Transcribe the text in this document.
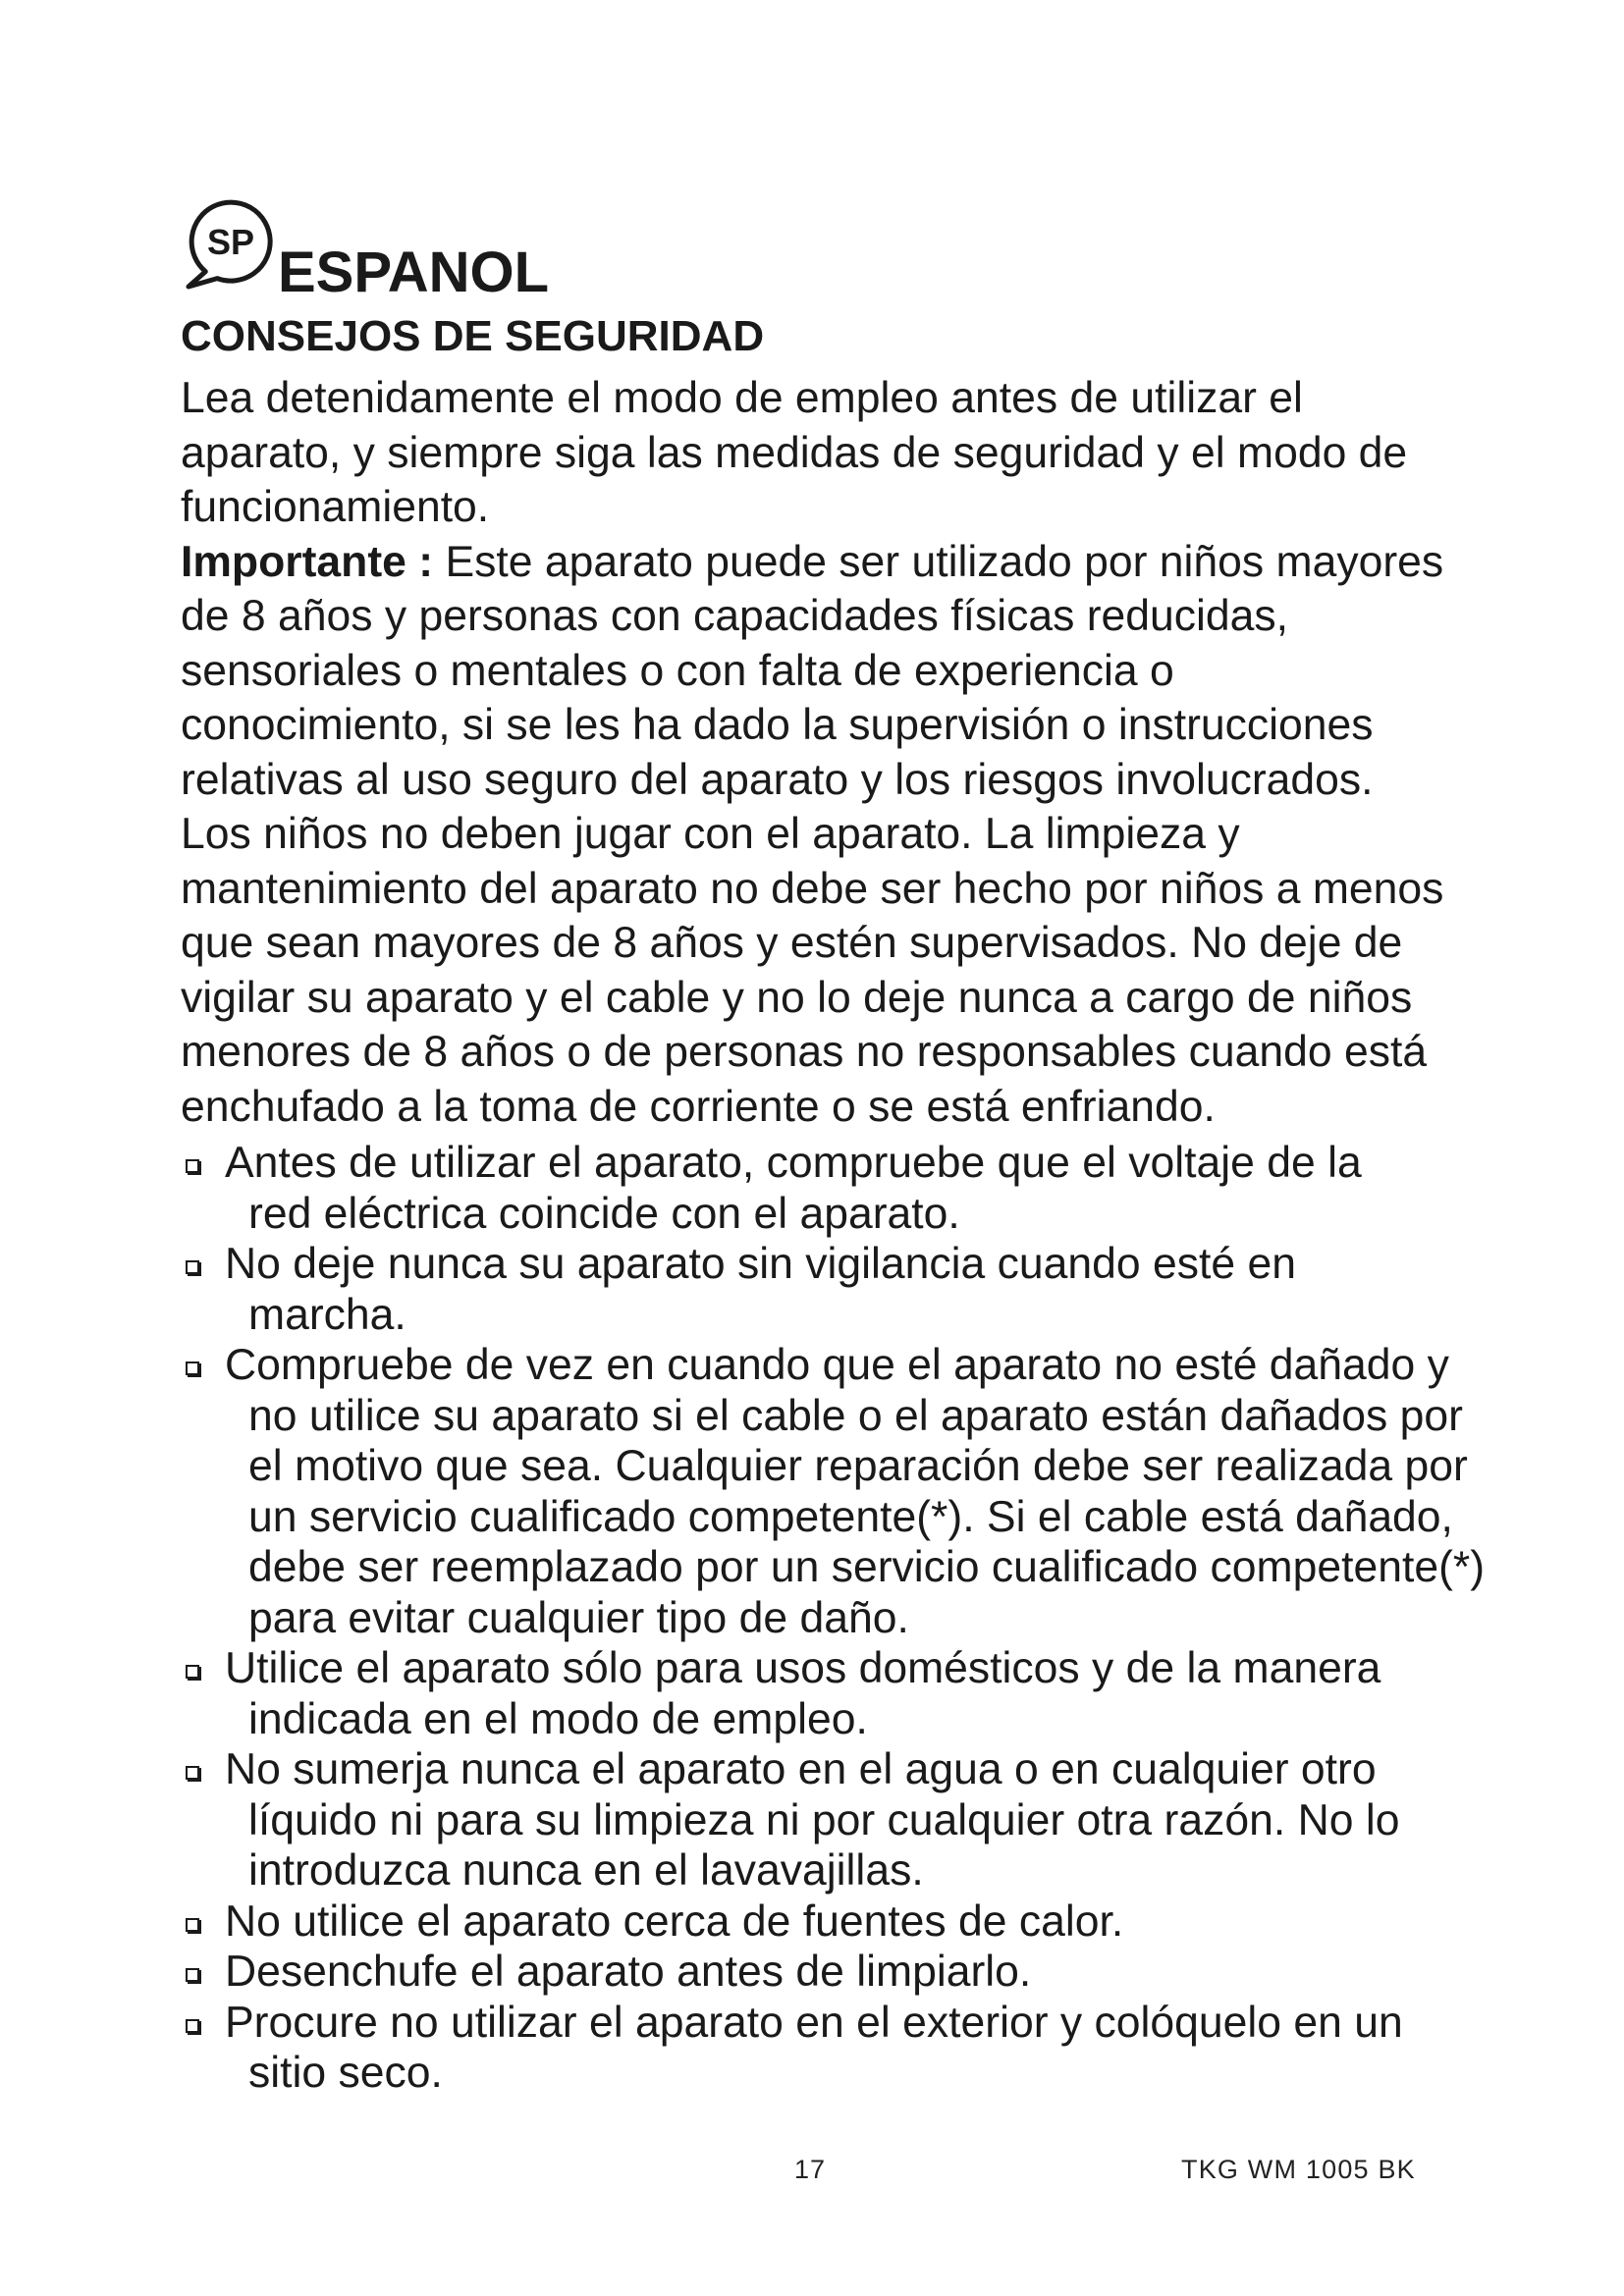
SP ESPANOL
CONSEJOS DE SEGURIDAD
Lea detenidamente el modo de empleo antes de utilizar el
aparato, y siempre siga las medidas de seguridad y el modo de
funcionamiento.
Importante : Este aparato puede ser utilizado por niños mayores
de 8 años y personas con capacidades físicas reducidas,
sensoriales o mentales o con falta de experiencia o
conocimiento, si se les ha dado la supervisión o instrucciones
relativas al uso seguro del aparato y los riesgos involucrados.
Los niños no deben jugar con el aparato. La limpieza y
mantenimiento del aparato no debe ser hecho por niños a menos
que sean mayores de 8 años y estén supervisados. No deje de
vigilar su aparato y el cable y no lo deje nunca a cargo de niños
menores de 8 años o de personas no responsables cuando está
enchufado a la toma de corriente o se está enfriando.
Antes de utilizar el aparato, compruebe que el voltaje de la
red eléctrica coincide con el aparato.
No deje nunca su aparato sin vigilancia cuando esté en
marcha.
Compruebe de vez en cuando que el aparato no esté dañado y
no utilice su aparato si el cable o el aparato están dañados por
el motivo que sea. Cualquier reparación debe ser realizada por
un servicio cualificado competente(*). Si el cable está dañado,
debe ser reemplazado por un servicio cualificado competente(*)
para evitar cualquier tipo de daño.
Utilice el aparato sólo para usos domésticos y de la manera
indicada en el modo de empleo.
No sumerja nunca el aparato en el agua o en cualquier otro
líquido ni para su limpieza ni por cualquier otra razón. No lo
introduzca nunca en el lavavajillas.
No utilice el aparato cerca de fuentes de calor.
Desenchufe el aparato antes de limpiarlo.
Procure no utilizar el aparato en el exterior y colóquelo en un
sitio seco.
17	TKG WM 1005 BK
